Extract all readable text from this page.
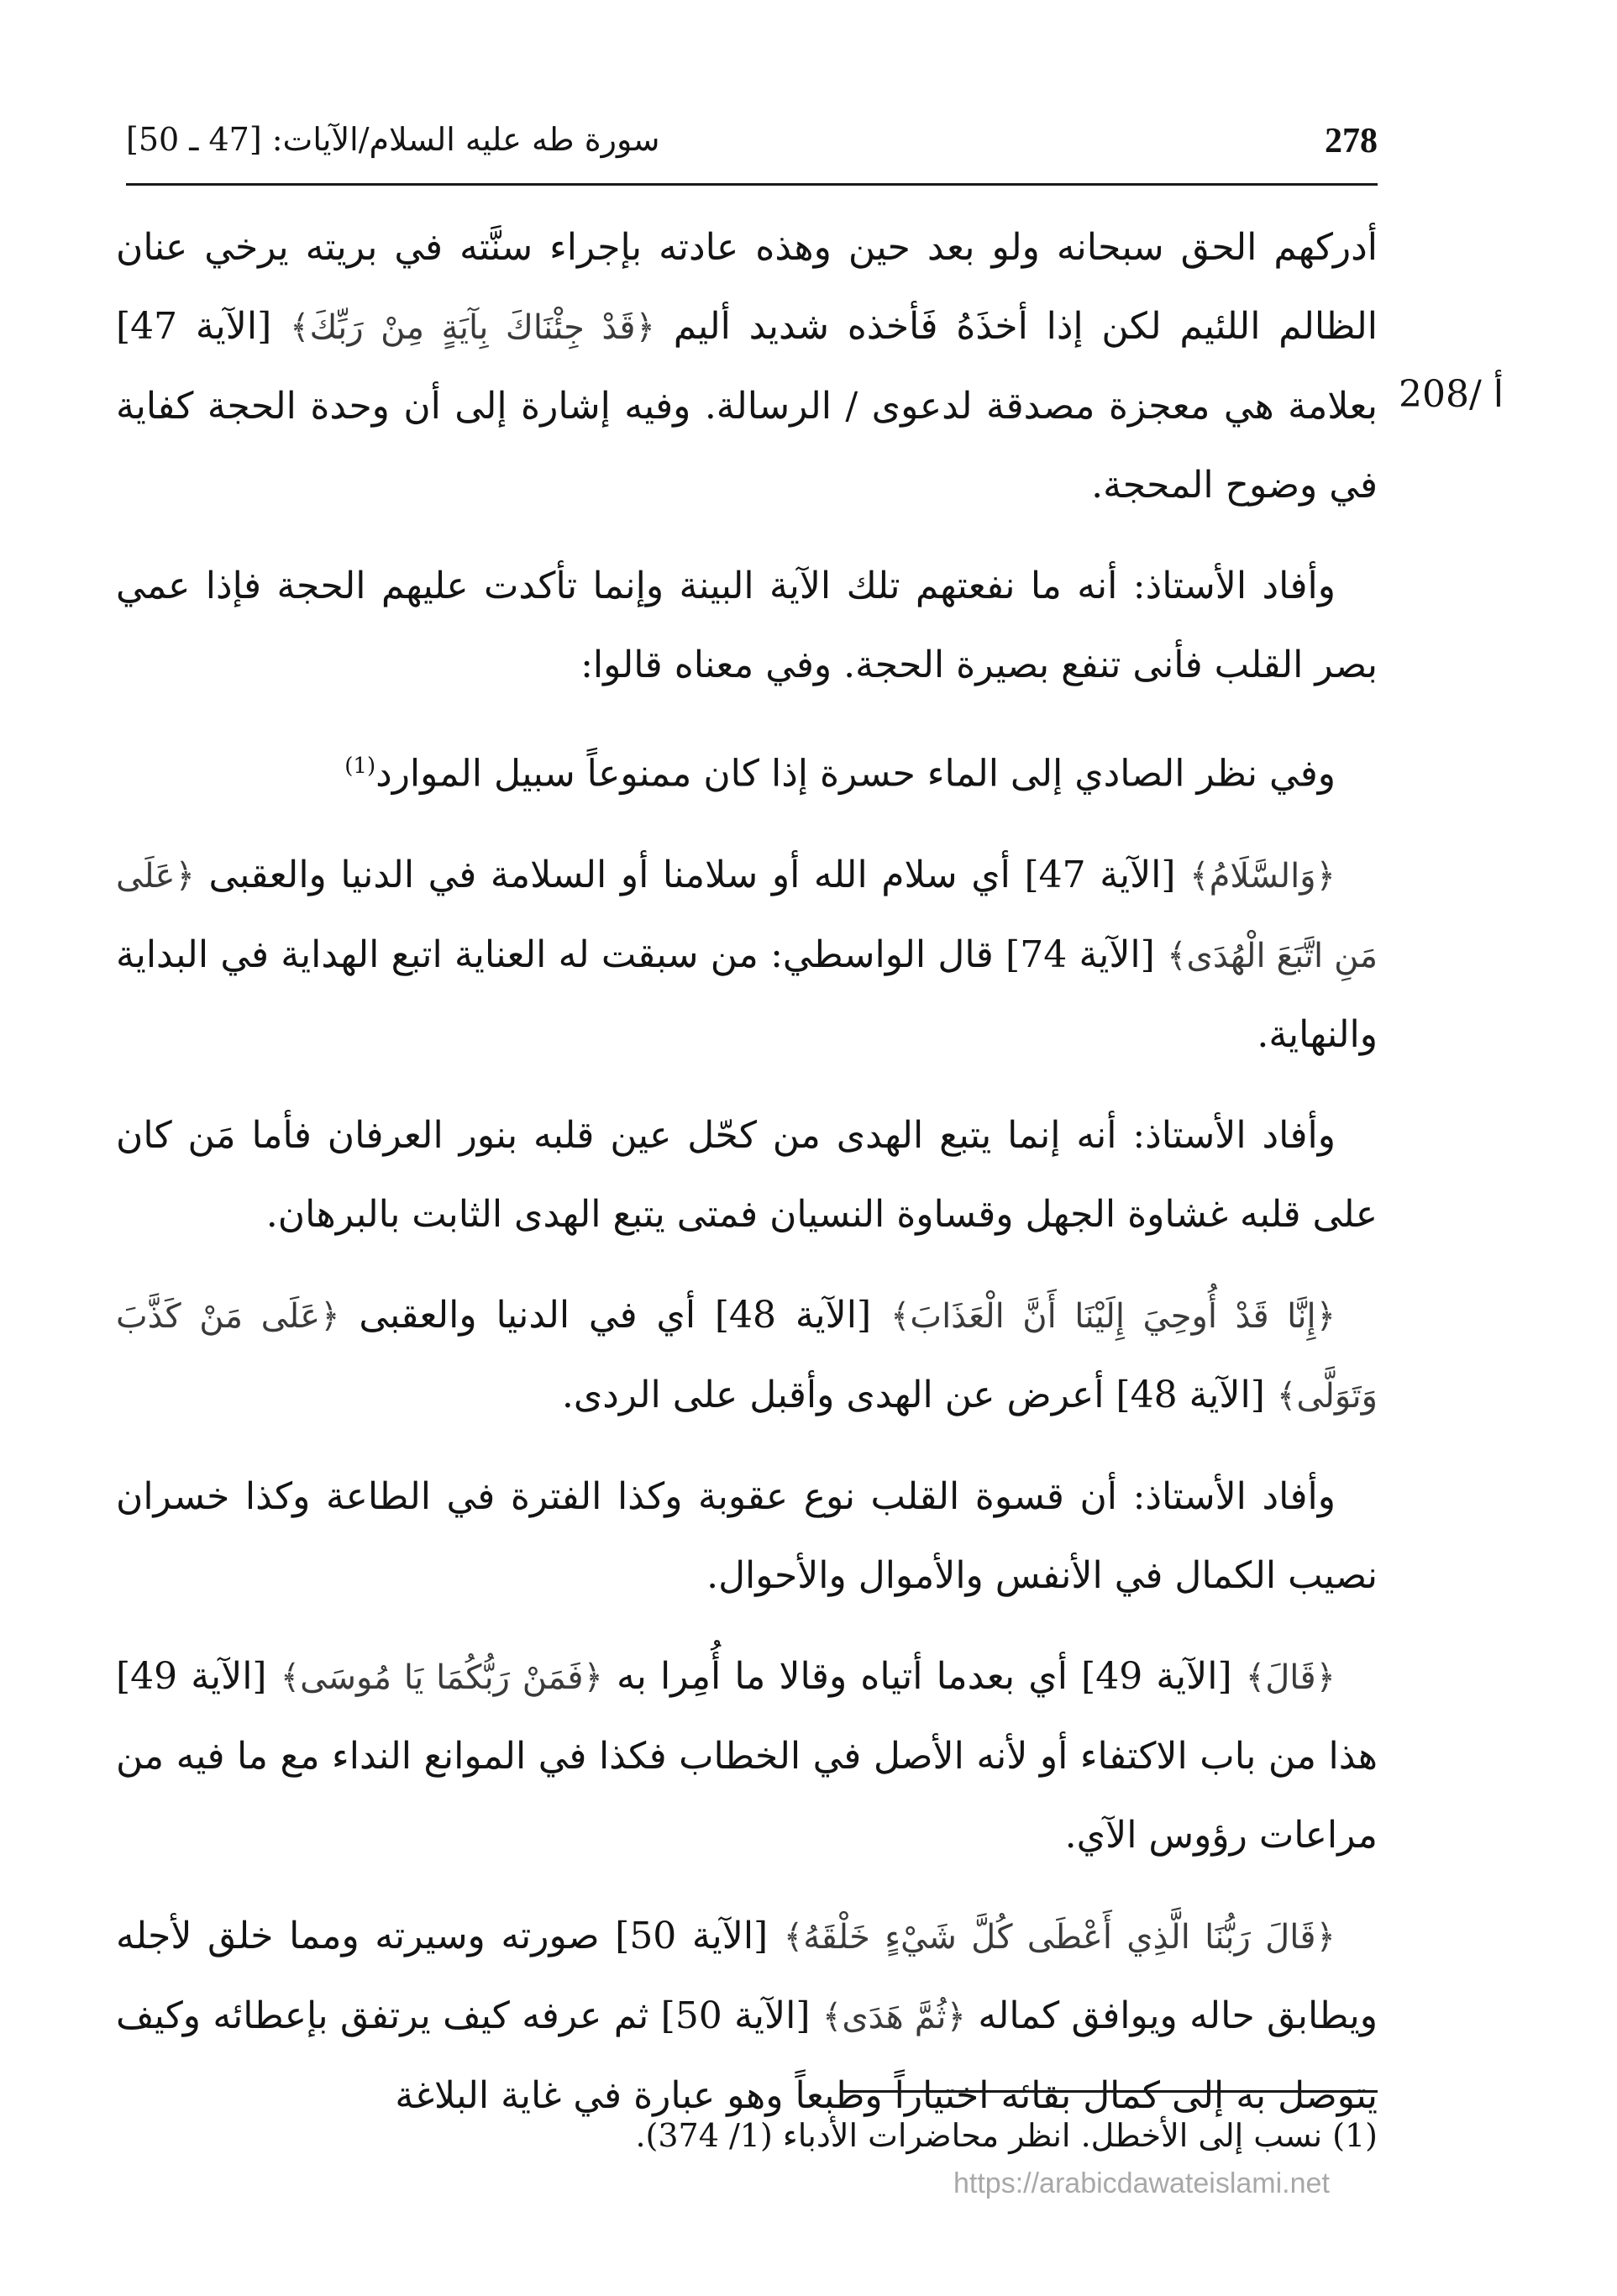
278
سورة طه عليه السلام/الآيات: [47 ـ 50]
208/ أ

أدركهم الحق سبحانه ولو بعد حين وهذه عادته بإجراء سنَّته في بريته يرخي عنان الظالم اللئيم لكن إذا أخذَهُ فَأخذه شديد أليم ﴿قَدْ جِئْنَاكَ بِآيَةٍ مِنْ رَبِّكَ﴾ [الآية 47] بعلامة هي معجزة مصدقة لدعوى / الرسالة. وفيه إشارة إلى أن وحدة الحجة كفاية في وضوح المحجة.

وأفاد الأستاذ: أنه ما نفعتهم تلك الآية البينة وإنما تأكدت عليهم الحجة فإذا عمي بصر القلب فأنى تنفع بصيرة الحجة. وفي معناه قالوا:

وفي نظر الصادي إلى الماء حسرة إذا كان ممنوعاً سبيل الموارد$^{(1)}$

﴿وَالسَّلَامُ﴾ [الآية 47] أي سلام الله أو سلامنا أو السلامة في الدنيا والعقبى ﴿عَلَى مَنِ اتَّبَعَ الْهُدَى﴾ [الآية 74] قال الواسطي: من سبقت له العناية اتبع الهداية في البداية والنهاية.

وأفاد الأستاذ: أنه إنما يتبع الهدى من كحّل عين قلبه بنور العرفان فأما مَن كان على قلبه غشاوة الجهل وقساوة النسيان فمتى يتبع الهدى الثابت بالبرهان.

﴿إِنَّا قَدْ أُوحِيَ إِلَيْنَا أَنَّ الْعَذَابَ﴾ [الآية 48] أي في الدنيا والعقبى ﴿عَلَى مَنْ كَذَّبَ وَتَوَلَّى﴾ [الآية 48] أعرض عن الهدى وأقبل على الردى.

وأفاد الأستاذ: أن قسوة القلب نوع عقوبة وكذا الفترة في الطاعة وكذا خسران نصيب الكمال في الأنفس والأموال والأحوال.

﴿قَالَ﴾ [الآية 49] أي بعدما أتياه وقالا ما أُمِرا به ﴿فَمَنْ رَبُّكُمَا يَا مُوسَى﴾ [الآية 49] هذا من باب الاكتفاء أو لأنه الأصل في الخطاب فكذا في الموانع النداء مع ما فيه من مراعات رؤوس الآي.

﴿قَالَ رَبُّنَا الَّذِي أَعْطَى كُلَّ شَيْءٍ خَلْقَهُ﴾ [الآية 50] صورته وسيرته ومما خلق لأجله ويطابق حاله ويوافق كماله ﴿ثُمَّ هَدَى﴾ [الآية 50] ثم عرفه كيف يرتفق بإعطائه وكيف يتوصل به إلى كمال بقائه اختياراً وطبعاً وهو عبارة في غاية البلاغة

(1) نسب إلى الأخطل. انظر محاضرات الأدباء (1/ 374).
https://arabicdawateislami.net
